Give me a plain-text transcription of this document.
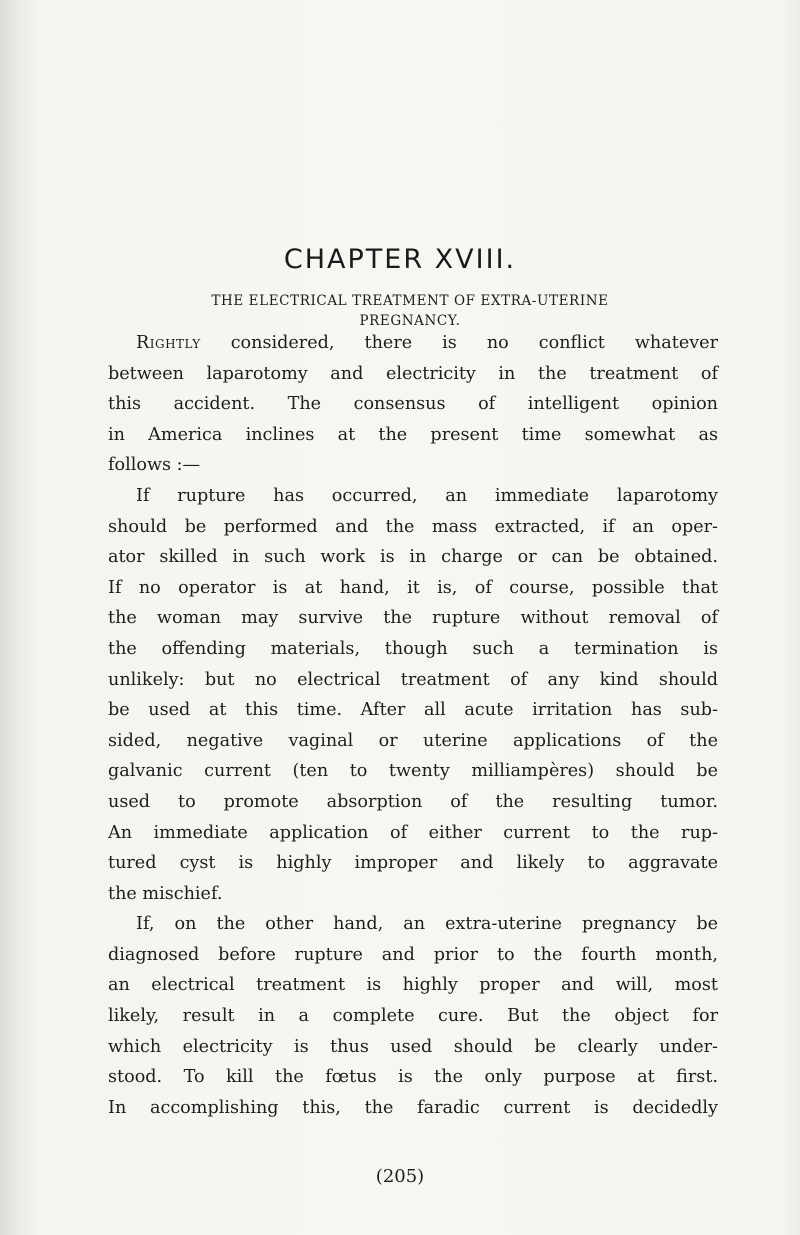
CHAPTER XVIII.
THE ELECTRICAL TREATMENT OF EXTRA-UTERINE
PREGNANCY.
Rightly considered, there is no conflict whatever
between laparotomy and electricity in the treatment of
this accident. The consensus of intelligent opinion
in America inclines at the present time somewhat as
follows :—
If rupture has occurred, an immediate laparotomy
should be performed and the mass extracted, if an oper-
ator skilled in such work is in charge or can be obtained.
If no operator is at hand, it is, of course, possible that
the woman may survive the rupture without removal of
the offending materials, though such a termination is
unlikely: but no electrical treatment of any kind should
be used at this time. After all acute irritation has sub-
sided, negative vaginal or uterine applications of the
galvanic current (ten to twenty milliampères) should be
used to promote absorption of the resulting tumor.
An immediate application of either current to the rup-
tured cyst is highly improper and likely to aggravate
the mischief.
If, on the other hand, an extra-uterine pregnancy be
diagnosed before rupture and prior to the fourth month,
an electrical treatment is highly proper and will, most
likely, result in a complete cure. But the object for
which electricity is thus used should be clearly under-
stood. To kill the fœtus is the only purpose at first.
In accomplishing this, the faradic current is decidedly
(205)
